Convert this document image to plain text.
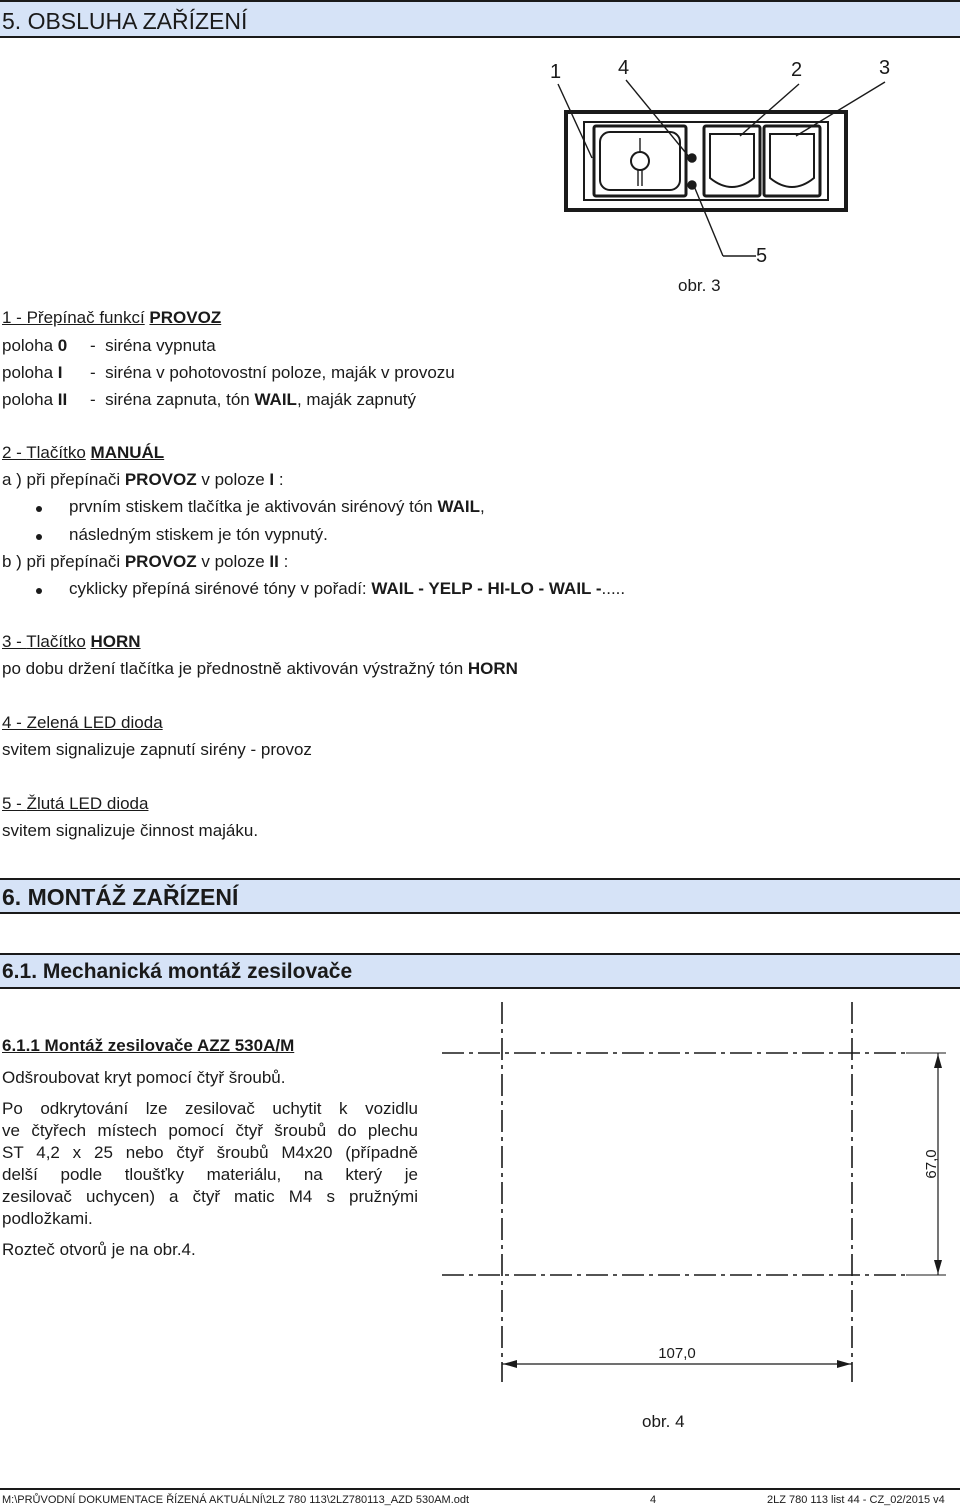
5. OBSLUHA ZAŘÍZENÍ
1	4	2	3
5
obr. 3
1 - Přepínač funkcí PROVOZ
poloha 0 - siréna vypnuta
poloha I - siréna v pohotovostní poloze, maják v provozu
poloha II - siréna zapnuta, tón WAIL, maják zapnutý
2 - Tlačítko MANUÁL
a ) při přepínači PROVOZ v poloze I :
prvním stiskem tlačítka je aktivován sirénový tón WAIL,
následným stiskem je tón vypnutý.
b ) při přepínači PROVOZ v poloze II :
cyklicky přepíná sirénové tóny v pořadí: WAIL - YELP - HI-LO - WAIL -.....
3 - Tlačítko HORN
po dobu držení tlačítka je přednostně aktivován výstražný tón HORN
4 - Zelená LED dioda
svitem signalizuje zapnutí sirény - provoz
5 - Žlutá LED dioda
svitem signalizuje činnost majáku.
6. MONTÁŽ ZAŘÍZENÍ
6.1. Mechanická montáž zesilovače
6.1.1 Montáž zesilovače AZZ 530A/M
Odšroubovat kryt pomocí čtyř šroubů.
Po odkrytování lze zesilovač uchytit k vozidlu
ve čtyřech místech pomocí čtyř šroubů do plechu
ST 4,2 x 25 nebo čtyř šroubů M4x20 (případně
delší podle tloušťky materiálu, na který je
zesilovač uchycen) a čtyř matic M4 s pružnými
podložkami.
Rozteč otvorů je na obr.4.
67,0
107,0
obr. 4
M:\PRŮVODNÍ DOKUMENTACE ŘÍZENÁ AKTUÁLNÍ\2LZ 780 113\2LZ780113_AZD 530AM.odt	4	2LZ 780 113 list 44 - CZ_02/2015 v4
